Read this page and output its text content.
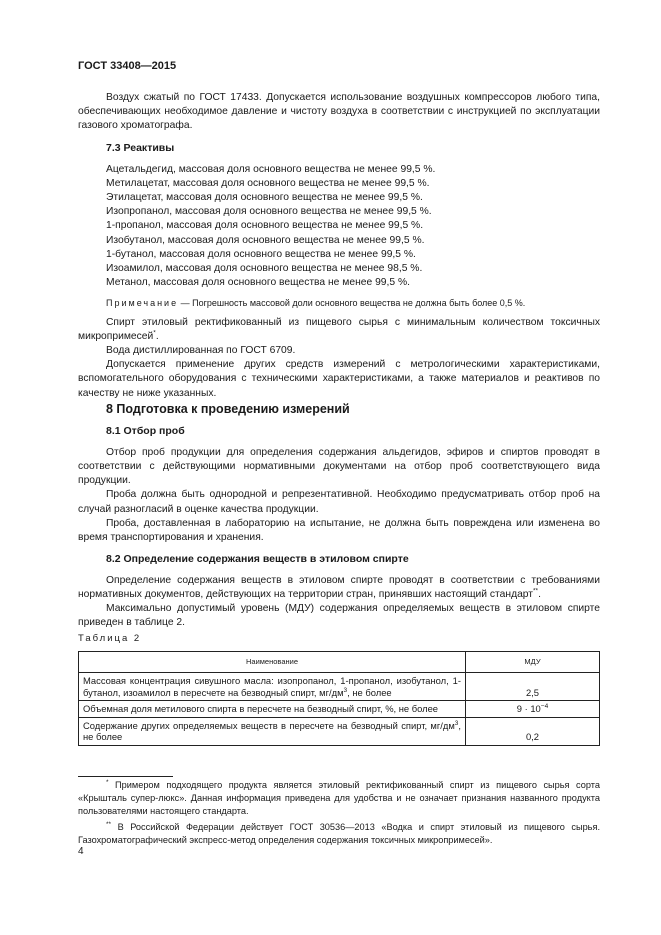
ГОСТ 33408—2015

Воздух сжатый по ГОСТ 17433. Допускается использование воздушных компрессоров любого типа, обеспечивающих необходимое давление и чистоту воздуха в соответствии с инструкцией по эксплуатации газового хроматографа.

7.3 Реактивы
Ацетальдегид, массовая доля основного вещества не менее 99,5 %.
Метилацетат, массовая доля основного вещества не менее 99,5 %.
Этилацетат, массовая доля основного вещества не менее 99,5 %.
Изопропанол, массовая доля основного вещества не менее 99,5 %.
1-пропанол, массовая доля основного вещества не менее 99,5 %.
Изобутанол, массовая доля основного вещества не менее 99,5 %.
1-бутанол, массовая доля основного вещества не менее 99,5 %.
Изоамилол, массовая доля основного вещества не менее 98,5 %.
Метанол, массовая доля основного вещества не менее 99,5 %.
Примечание — Погрешность массовой доли основного вещества не должна быть более 0,5 %.

Спирт этиловый ректификованный из пищевого сырья с минимальным количеством токсичных микропримесей*.

Вода дистиллированная по ГОСТ 6709.

Допускается применение других средств измерений с метрологическими характеристиками, вспомогательного оборудования с техническими характеристиками, а также материалов и реактивов по качеству не ниже указанных.

8 Подготовка к проведению измерений
8.1 Отбор проб

Отбор проб продукции для определения содержания альдегидов, эфиров и спиртов проводят в соответствии с действующими нормативными документами на отбор проб соответствующего вида продукции.

Проба должна быть однородной и репрезентативной. Необходимо предусматривать отбор проб на случай разногласий в оценке качества продукции.

Проба, доставленная в лабораторию на испытание, не должна быть повреждена или изменена во время транспортирования и хранения.

8.2 Определение содержания веществ в этиловом спирте

Определение содержания веществ в этиловом спирте проводят в соответствии с требованиями нормативных документов, действующих на территории стран, принявших настоящий стандарт**.

Максимально допустимый уровень (МДУ) содержания определяемых веществ в этиловом спирте приведен в таблице 2.

Таблица 2
Наименование	МДУ
Массовая концентрация сивушного масла: изопропанол, 1-пропанол, изобутанол, 1-бутанол, изоамилол в пересчете на безводный спирт, $мг/дм^3$, не более	2,5
Объемная доля метилового спирта в пересчете на безводный спирт, %, не более	$9 \cdot 10^{-4}$
Содержание других определяемых веществ в пересчете на безводный спирт, $мг/дм^3$, не более	0,2

* Примером подходящего продукта является этиловый ректификованный спирт из пищевого сырья сорта «Крышталь супер-люкс». Данная информация приведена для удобства и не означает признания названного продукта пользователями настоящего стандарта.

** В Российской Федерации действует ГОСТ 30536—2013 «Водка и спирт этиловый из пищевого сырья. Газохроматографический экспресс-метод определения содержания токсичных микропримесей».

4
